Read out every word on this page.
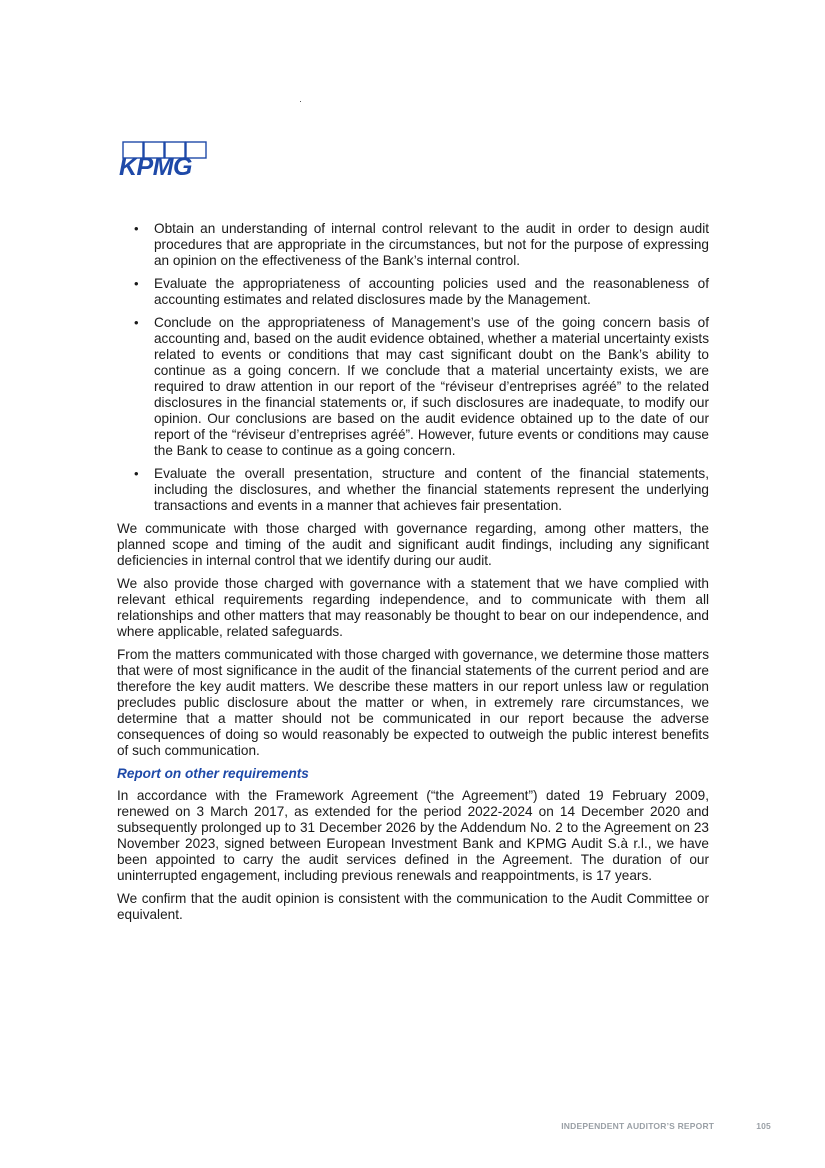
KPMG
• Obtain an understanding of internal control relevant to the audit in order to design audit procedures that are appropriate in the circumstances, but not for the purpose of expressing an opinion on the effectiveness of the Bank’s internal control.
• Evaluate the appropriateness of accounting policies used and the reasonableness of accounting estimates and related disclosures made by the Management.
• Conclude on the appropriateness of Management’s use of the going concern basis of accounting and, based on the audit evidence obtained, whether a material uncertainty exists related to events or conditions that may cast significant doubt on the Bank’s ability to continue as a going concern. If we conclude that a material uncertainty exists, we are required to draw attention in our report of the “réviseur d’entreprises agréé” to the related disclosures in the financial statements or, if such disclosures are inadequate, to modify our opinion. Our conclusions are based on the audit evidence obtained up to the date of our report of the “réviseur d’entreprises agréé”. However, future events or conditions may cause the Bank to cease to continue as a going concern.
• Evaluate the overall presentation, structure and content of the financial statements, including the disclosures, and whether the financial statements represent the underlying transactions and events in a manner that achieves fair presentation.

We communicate with those charged with governance regarding, among other matters, the planned scope and timing of the audit and significant audit findings, including any significant deficiencies in internal control that we identify during our audit.

We also provide those charged with governance with a statement that we have complied with relevant ethical requirements regarding independence, and to communicate with them all relationships and other matters that may reasonably be thought to bear on our independence, and where applicable, related safeguards.

From the matters communicated with those charged with governance, we determine those matters that were of most significance in the audit of the financial statements of the current period and are therefore the key audit matters. We describe these matters in our report unless law or regulation precludes public disclosure about the matter or when, in extremely rare circumstances, we determine that a matter should not be communicated in our report because the adverse consequences of doing so would reasonably be expected to outweigh the public interest benefits of such communication.

Report on other requirements

In accordance with the Framework Agreement (“the Agreement”) dated 19 February 2009, renewed on 3 March 2017, as extended for the period 2022-2024 on 14 December 2020 and subsequently prolonged up to 31 December 2026 by the Addendum No. 2 to the Agreement on 23 November 2023, signed between European Investment Bank and KPMG Audit S.à r.l., we have been appointed to carry the audit services defined in the Agreement. The duration of our uninterrupted engagement, including previous renewals and reappointments, is 17 years.

We confirm that the audit opinion is consistent with the communication to the Audit Committee or equivalent.

INDEPENDENT AUDITOR’S REPORT	105
